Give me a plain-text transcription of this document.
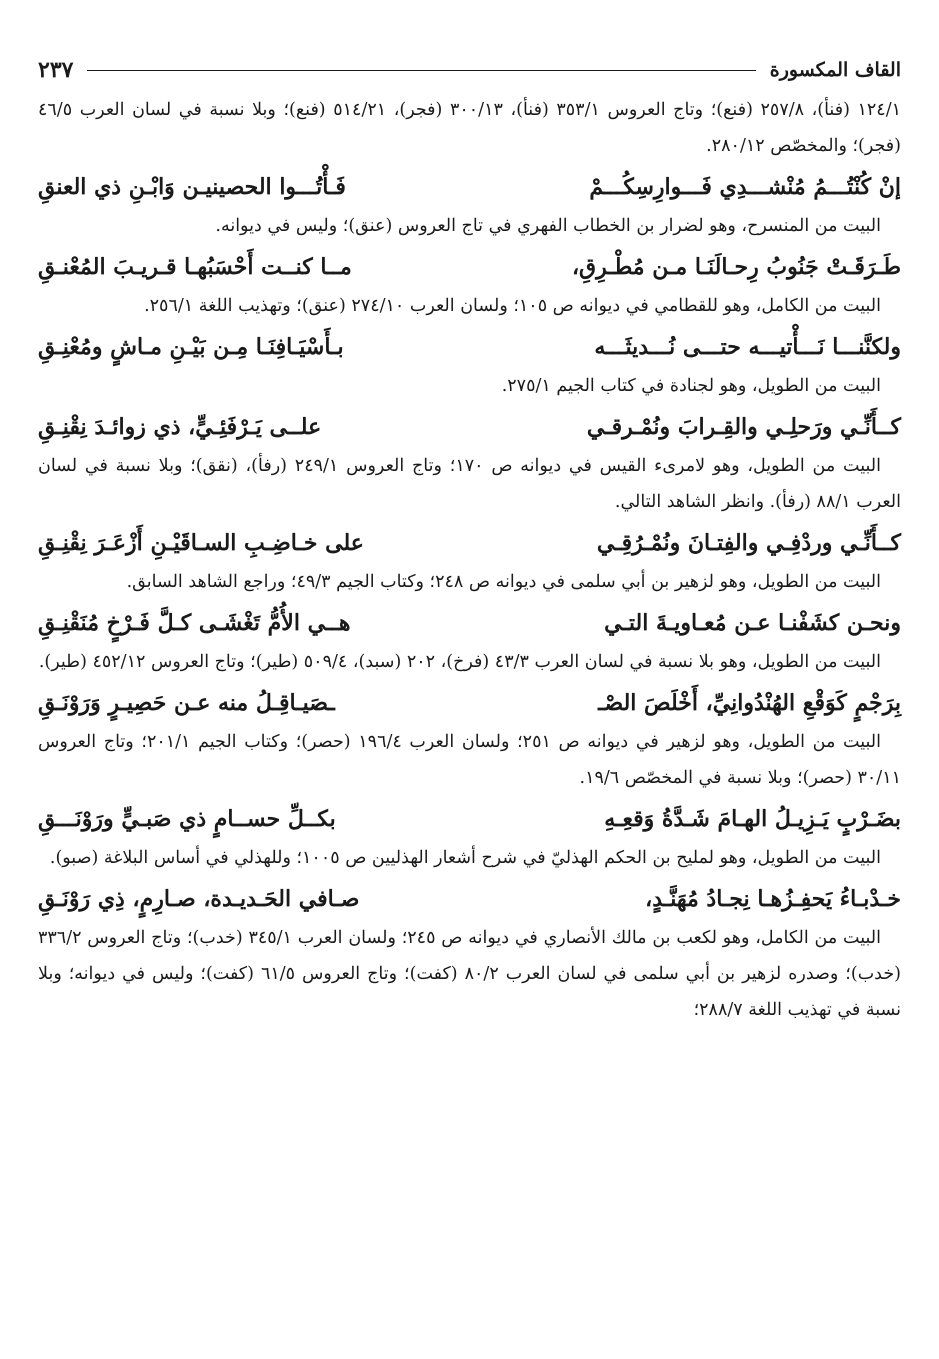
القاف المكسورة
٢٣٧
١٢٤/١ (فنأ)، ٢٥٧/٨ (فنع)؛ وتاج العروس ٣٥٣/١ (فنأ)، ٣٠٠/١٣ (فجر)، ٥١٤/٢١ (فنع)؛ وبلا نسبة في لسان العرب ٤٦/٥ (فجر)؛ والمخصّص ٢٨٠/١٢.
إنْ كُنْتُـــمُ مُنْشـــدِي فَـــوارِسِكُـــمْ
فَـأْتُـــوا الحصينيـن وَابْـنِ ذي العنقِ
البيت من المنسرح، وهو لضرار بن الخطاب الفهري في تاج العروس (عنق)؛ وليس في ديوانه.
طَـرَقَـتْ جَنُوبُ رِحـالَنَـا مـن مُطْـرِقِ،
مــا كنــت أَحْسَبُهـا قـريـبَ المُعْنـقِ
البيت من الكامل، وهو للقطامي في ديوانه ص ١٠٥؛ ولسان العرب ٢٧٤/١٠ (عنق)؛ وتهذيب اللغة ٢٥٦/١.
ولكنَّنـــا نَـــأْتيـــه حتـــى نُـــديثَـــه
بـأَسْيَـافِنَـا مِـن بَيْـنِ مـاشٍ ومُعْنِـقِ
البيت من الطويل، وهو لجنادة في كتاب الجيم ٢٧٥/١.
كــأَنِّـي ورَحلِـي والقِـرابَ ونُمْـرقـي
علــى يَـرْفَئِـيٍّ، ذي زوائـدَ نِقْنِـقِ
البيت من الطويل، وهو لامرىء القيس في ديوانه ص ١٧٠؛ وتاج العروس ٢٤٩/١ (رفأ)، (نقق)؛ وبلا نسبة في لسان العرب ٨٨/١ (رفأ). وانظر الشاهد التالي.
كــأَنِّـي وردْفِـي والفِتـانَ ونُمْـرُقِـي
على خـاضِـبِ السـاقَيْـنِ أَزْعَـرَ نِقْنِـقِ
البيت من الطويل، وهو لزهير بن أبي سلمى في ديوانه ص ٢٤٨؛ وكتاب الجيم ٤٩/٣؛ وراجع الشاهد السابق.
ونحـن كشَفْنـا عـن مُعـاويـةَ التـي
هــي الأُمُّ تَغْشَـى كـلَّ فَـرْخٍ مُنَقْنِـقِ
البيت من الطويل، وهو بلا نسبة في لسان العرب ٤٣/٣ (فرخ)، ٢٠٢ (سبد)، ٥٠٩/٤ (طير)؛ وتاج العروس ٤٥٢/١٢ (طير).
بِرَجْمٍ كَوَقْعِ الهُنْدُوانِيِّ، أَخْلَصَ الصْـ
ـصَيـاقِـلُ منه عـن حَصِيـرٍ وَرَوْنَـقِ
البيت من الطويل، وهو لزهير في ديوانه ص ٢٥١؛ ولسان العرب ١٩٦/٤ (حصر)؛ وكتاب الجيم ٢٠١/١؛ وتاج العروس ٣٠/١١ (حصر)؛ وبلا نسبة في المخصّص ١٩/٦.
بضَـرْبٍ يَـزِيـلُ الهـامَ شَـدَّةُ وَقعِـهِ
بكــلِّ حســامٍ ذي صَبـيٍّ ورَوْنَـــقِ
البيت من الطويل، وهو لمليح بن الحكم الهذليّ في شرح أشعار الهذليين ص ١٠٠٥؛ وللهذلي في أساس البلاغة (صبو).
خـدْبـاءُ يَحفِـزُهـا نِجـادُ مُهَنَّـدٍ،
صـافي الحَـديـدة، صـارِمٍ، ذِي رَوْنَـقِ
البيت من الكامل، وهو لكعب بن مالك الأنصاري في ديوانه ص ٢٤٥؛ ولسان العرب ٣٤٥/١ (خدب)؛ وتاج العروس ٣٣٦/٢ (خدب)؛ وصدره لزهير بن أبي سلمى في لسان العرب ٨٠/٢ (كفت)؛ وتاج العروس ٦١/٥ (كفت)؛ وليس في ديوانه؛ وبلا نسبة في تهذيب اللغة ٢٨٨/٧؛
